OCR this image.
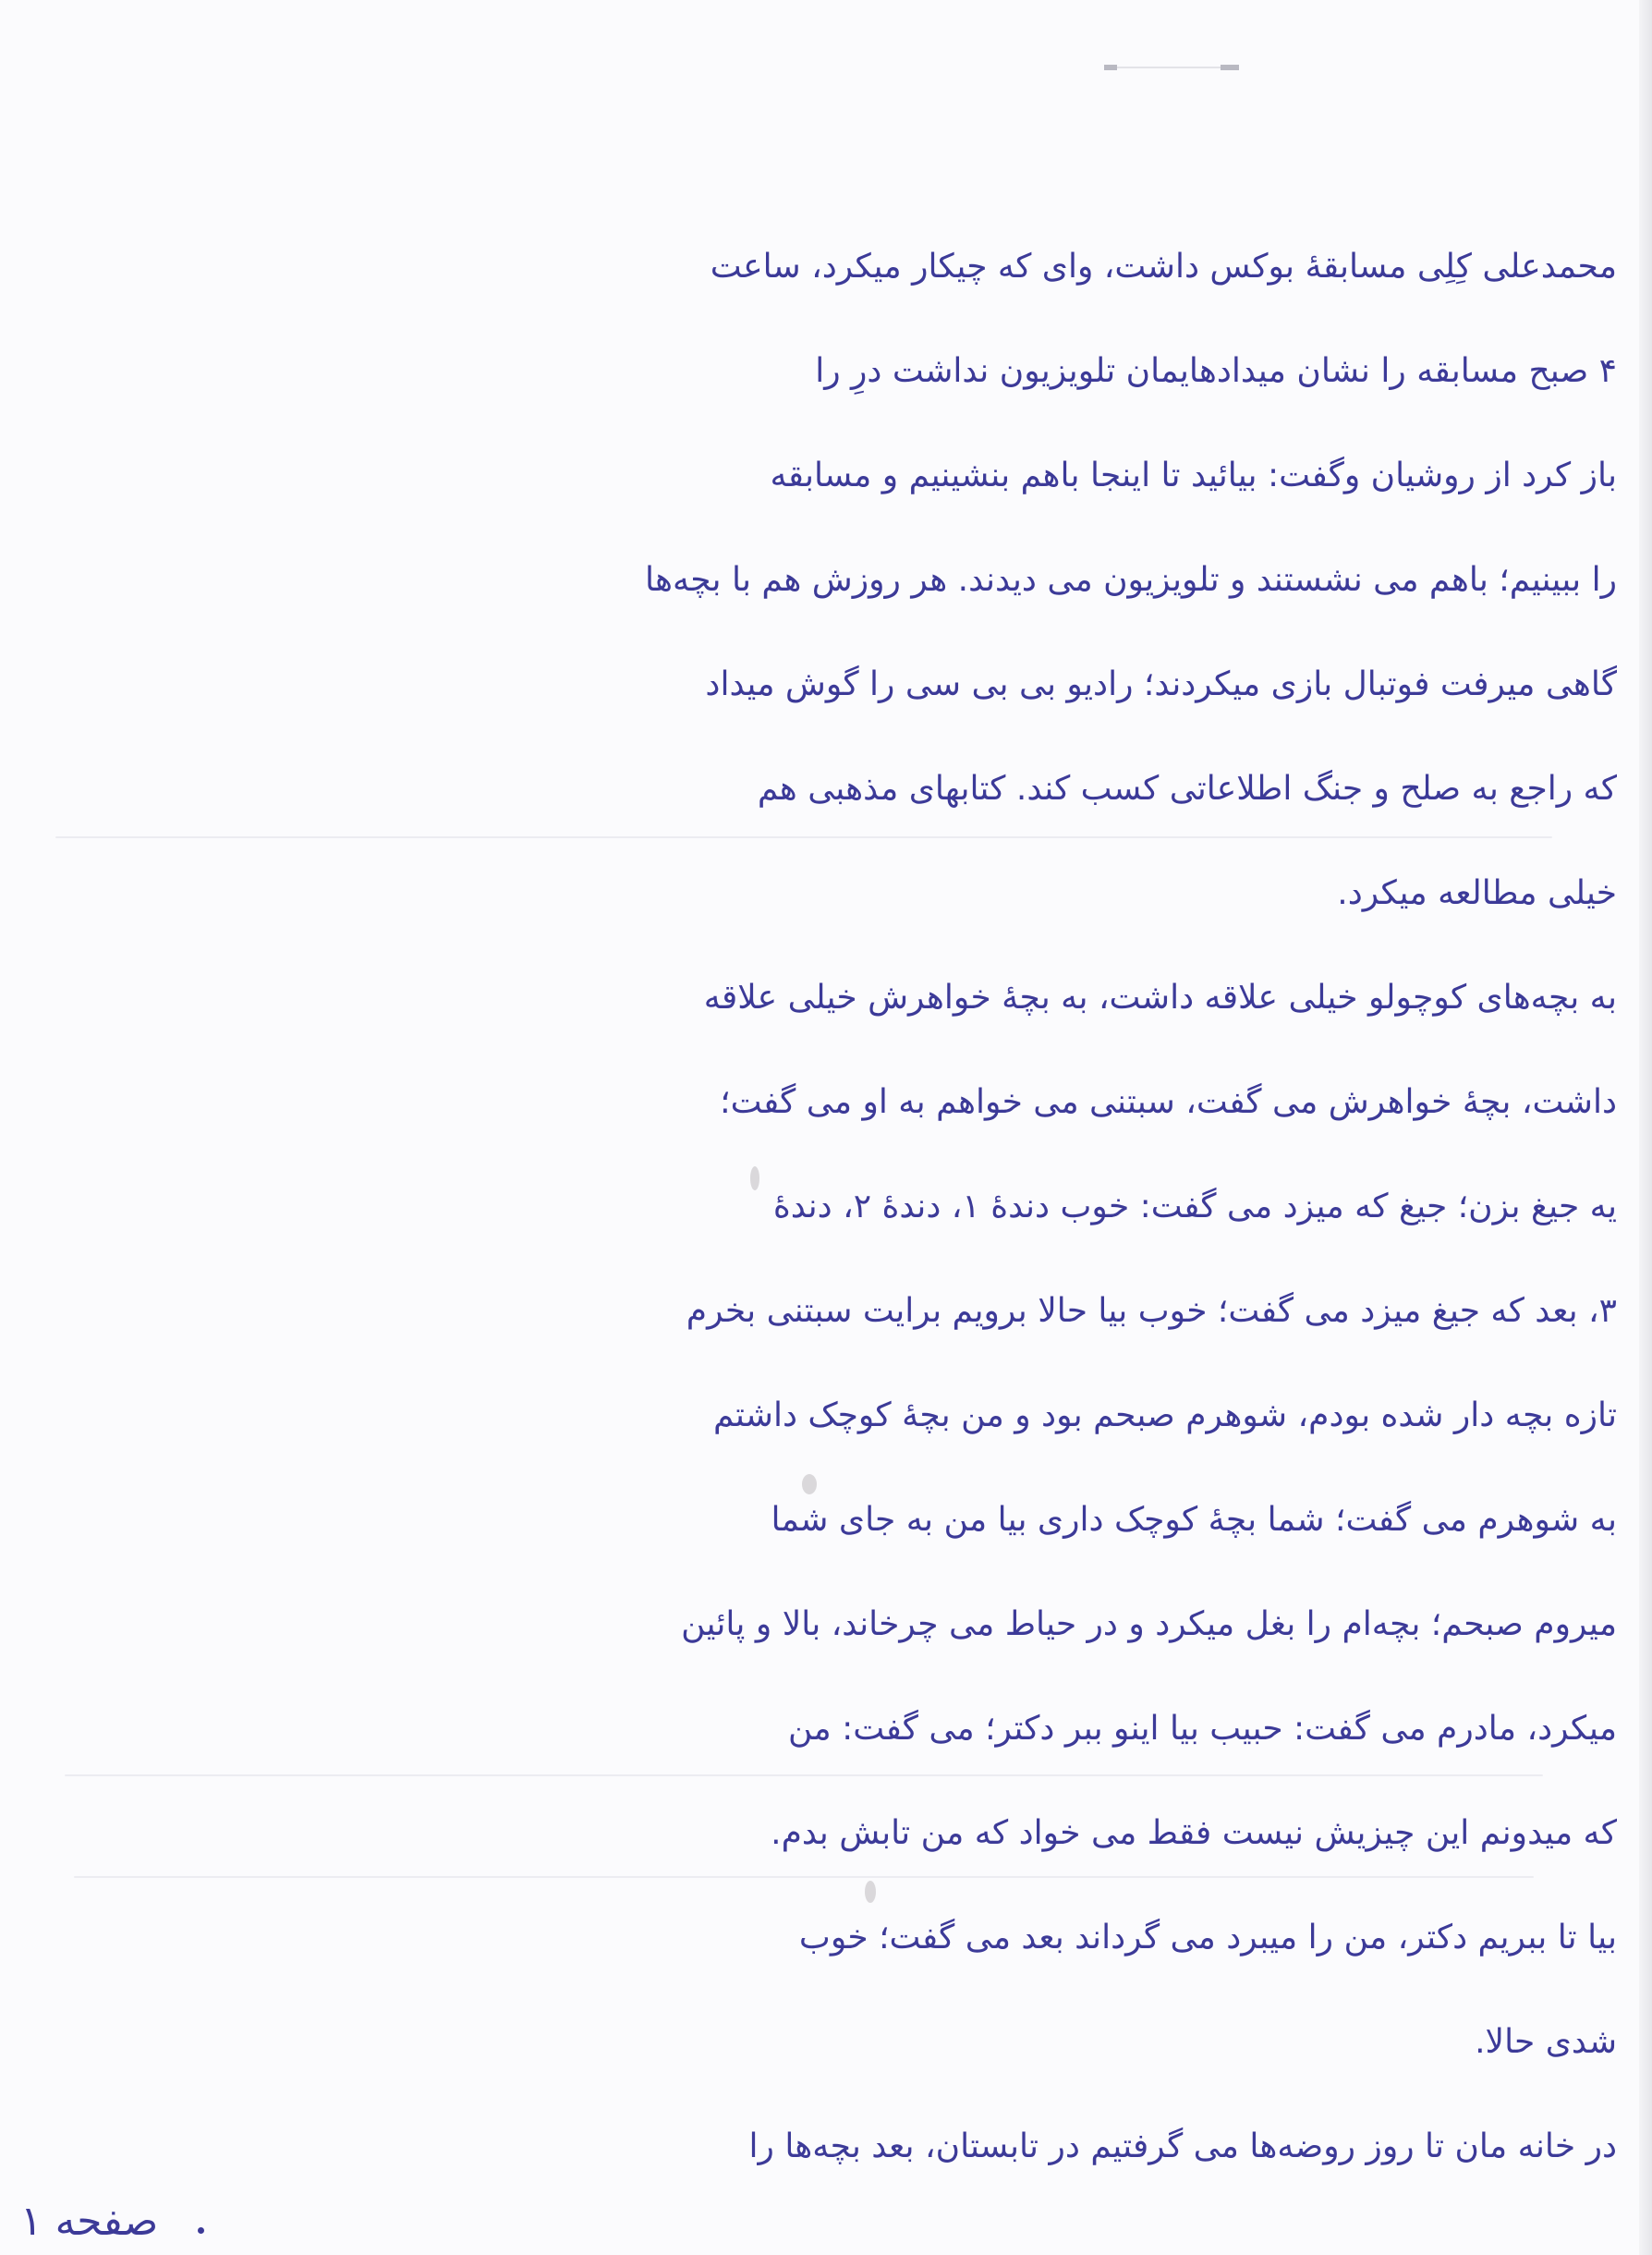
محمدعلی کِلِی مسابقهٔ بوکس داشت، وای که چیکار میکرد، ساعت
۴ صبح مسابقه را نشان میدادهایمان تلویزیون نداشت درِ را
باز کرد از روشیان وگفت: بیائید تا اینجا باهم بنشینیم و مسابقه
را ببینیم؛ باهم می نشستند و تلویزیون می دیدند. هر روزش هم با بچه‌ها
گاهی میرفت فوتبال بازی میکردند؛ رادیو بی بی سی را گوش میداد
که راجع به صلح و جنگ اطلاعاتی کسب کند. کتابهای مذهبی هم
خیلی مطالعه میکرد.
به بچه‌های کوچولو خیلی علاقه داشت، به بچهٔ خواهرش خیلی علاقه
داشت، بچهٔ خواهرش می گفت، سبتنی می خواهم به او می گفت؛
یه جیغ بزن؛ جیغ که میزد می گفت: خوب دندهٔ ۱، دندهٔ ۲، دندهٔ
۳، بعد که جیغ میزد می گفت؛ خوب بیا حالا برویم برایت سبتنی بخرم
تازه بچه دار شده بودم، شوهرم صبحم بود و من بچهٔ کوچک داشتم
به شوهرم می گفت؛ شما بچهٔ کوچک داری بیا من به جای شما
میروم صبحم؛ بچه‌ام را بغل میکرد و در حیاط می چرخاند، بالا و پائین
میکرد، مادرم می گفت: حبیب بیا اینو ببر دکتر؛ می گفت: من
که میدونم این چیزیش نیست فقط می خواد که من تابش بدم.
بیا تا ببریم دکتر، من را میبرد می گرداند بعد می گفت؛ خوب
شدی حالا.
در خانه مان تا روز روضه‌ها می گرفتیم در تابستان، بعد بچه‌ها را
صفحه ۱
